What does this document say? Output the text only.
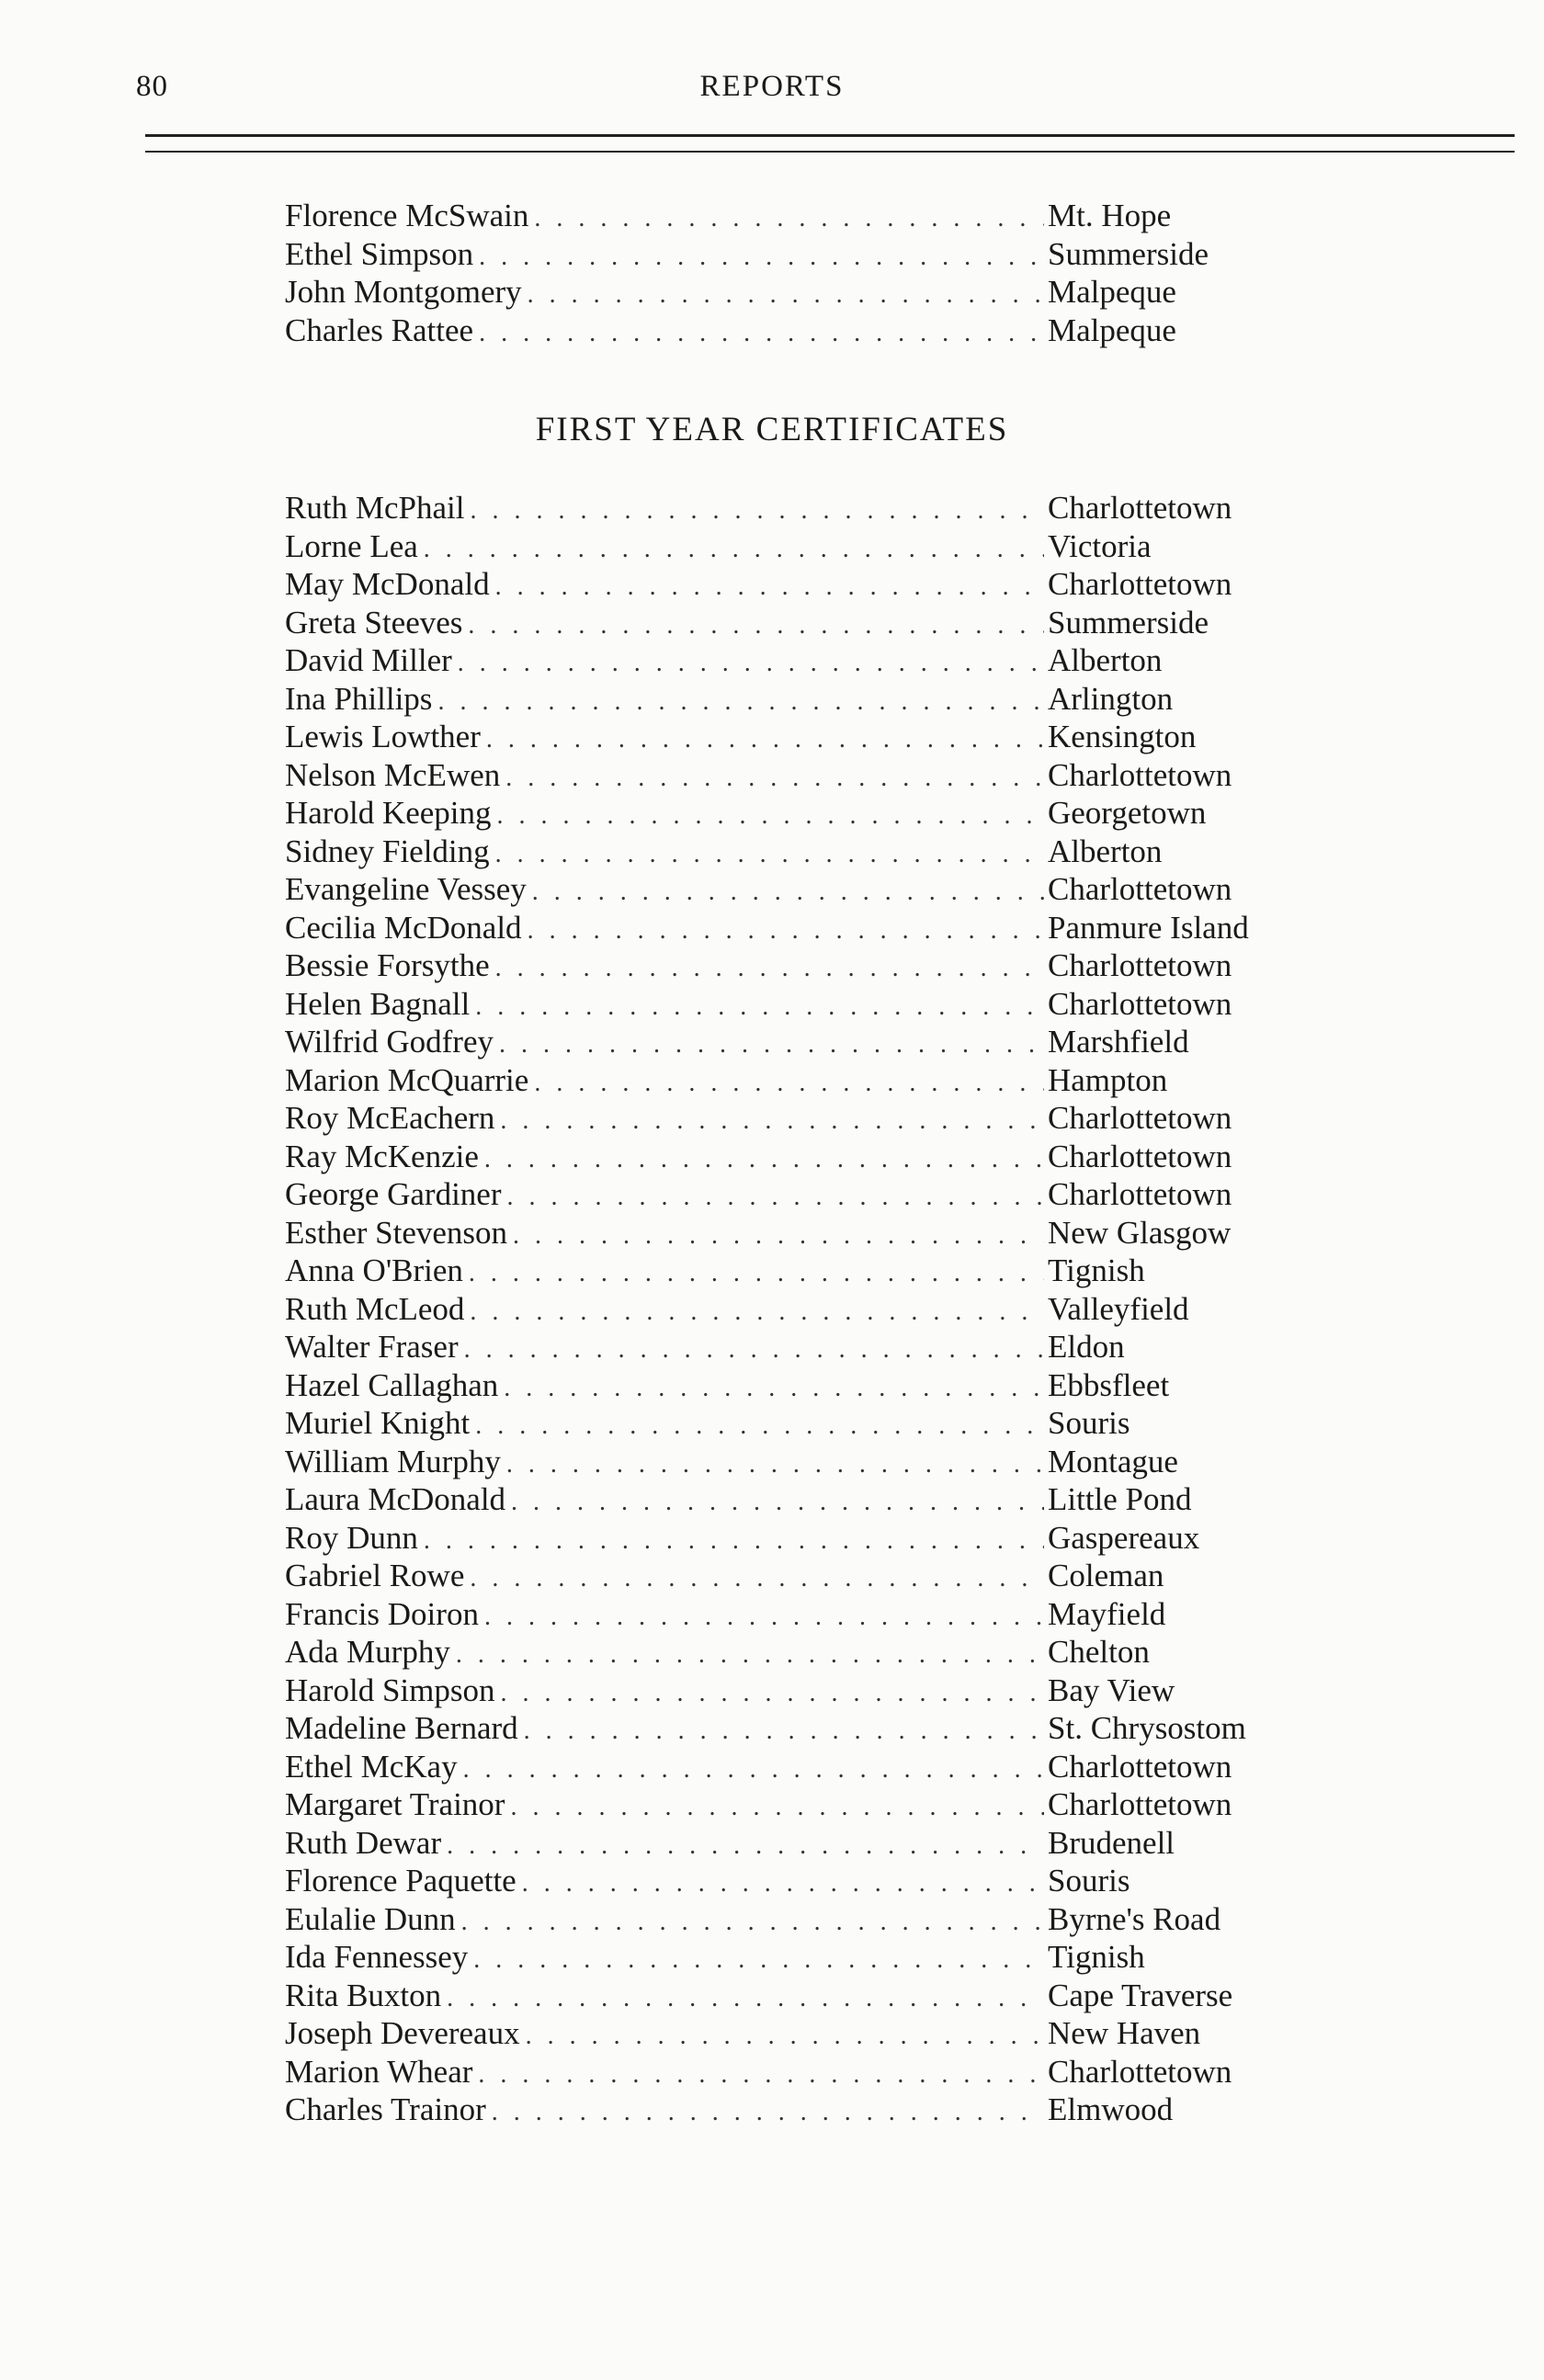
80	REPORTS
Florence McSwain . . .	Mt. Hope
Ethel Simpson . . .	Summerside
John Montgomery . . .	Malpeque
Charles Rattee . . .	Malpeque
FIRST YEAR CERTIFICATES
Ruth McPhail . . .	Charlottetown
Lorne Lea . . .	Victoria
May McDonald . . .	Charlottetown
Greta Steeves . . .	Summerside
David Miller . . .	Alberton
Ina Phillips . . .	Arlington
Lewis Lowther . . .	Kensington
Nelson McEwen . . .	Charlottetown
Harold Keeping . . .	Georgetown
Sidney Fielding . . .	Alberton
Evangeline Vessey . . .	Charlottetown
Cecilia McDonald . . .	Panmure Island
Bessie Forsythe . . .	Charlottetown
Helen Bagnall . . .	Charlottetown
Wilfrid Godfrey . . .	Marshfield
Marion McQuarrie . . .	Hampton
Roy McEachern . . .	Charlottetown
Ray McKenzie . . .	Charlottetown
George Gardiner . . .	Charlottetown
Esther Stevenson . . .	New Glasgow
Anna O'Brien . . .	Tignish
Ruth McLeod . . .	Valleyfield
Walter Fraser . . .	Eldon
Hazel Callaghan . . .	Ebbsfleet
Muriel Knight . . .	Souris
William Murphy . . .	Montague
Laura McDonald . . .	Little Pond
Roy Dunn . . .	Gaspereaux
Gabriel Rowe . . .	Coleman
Francis Doiron . . .	Mayfield
Ada Murphy . . .	Chelton
Harold Simpson . . .	Bay View
Madeline Bernard . . .	St. Chrysostom
Ethel McKay . . .	Charlottetown
Margaret Trainor . . .	Charlottetown
Ruth Dewar . . .	Brudenell
Florence Paquette . . .	Souris
Eulalie Dunn . . .	Byrne's Road
Ida Fennessey . . .	Tignish
Rita Buxton . . .	Cape Traverse
Joseph Devereaux . . .	New Haven
Marion Whear . . .	Charlottetown
Charles Trainor . . .	Elmwood
